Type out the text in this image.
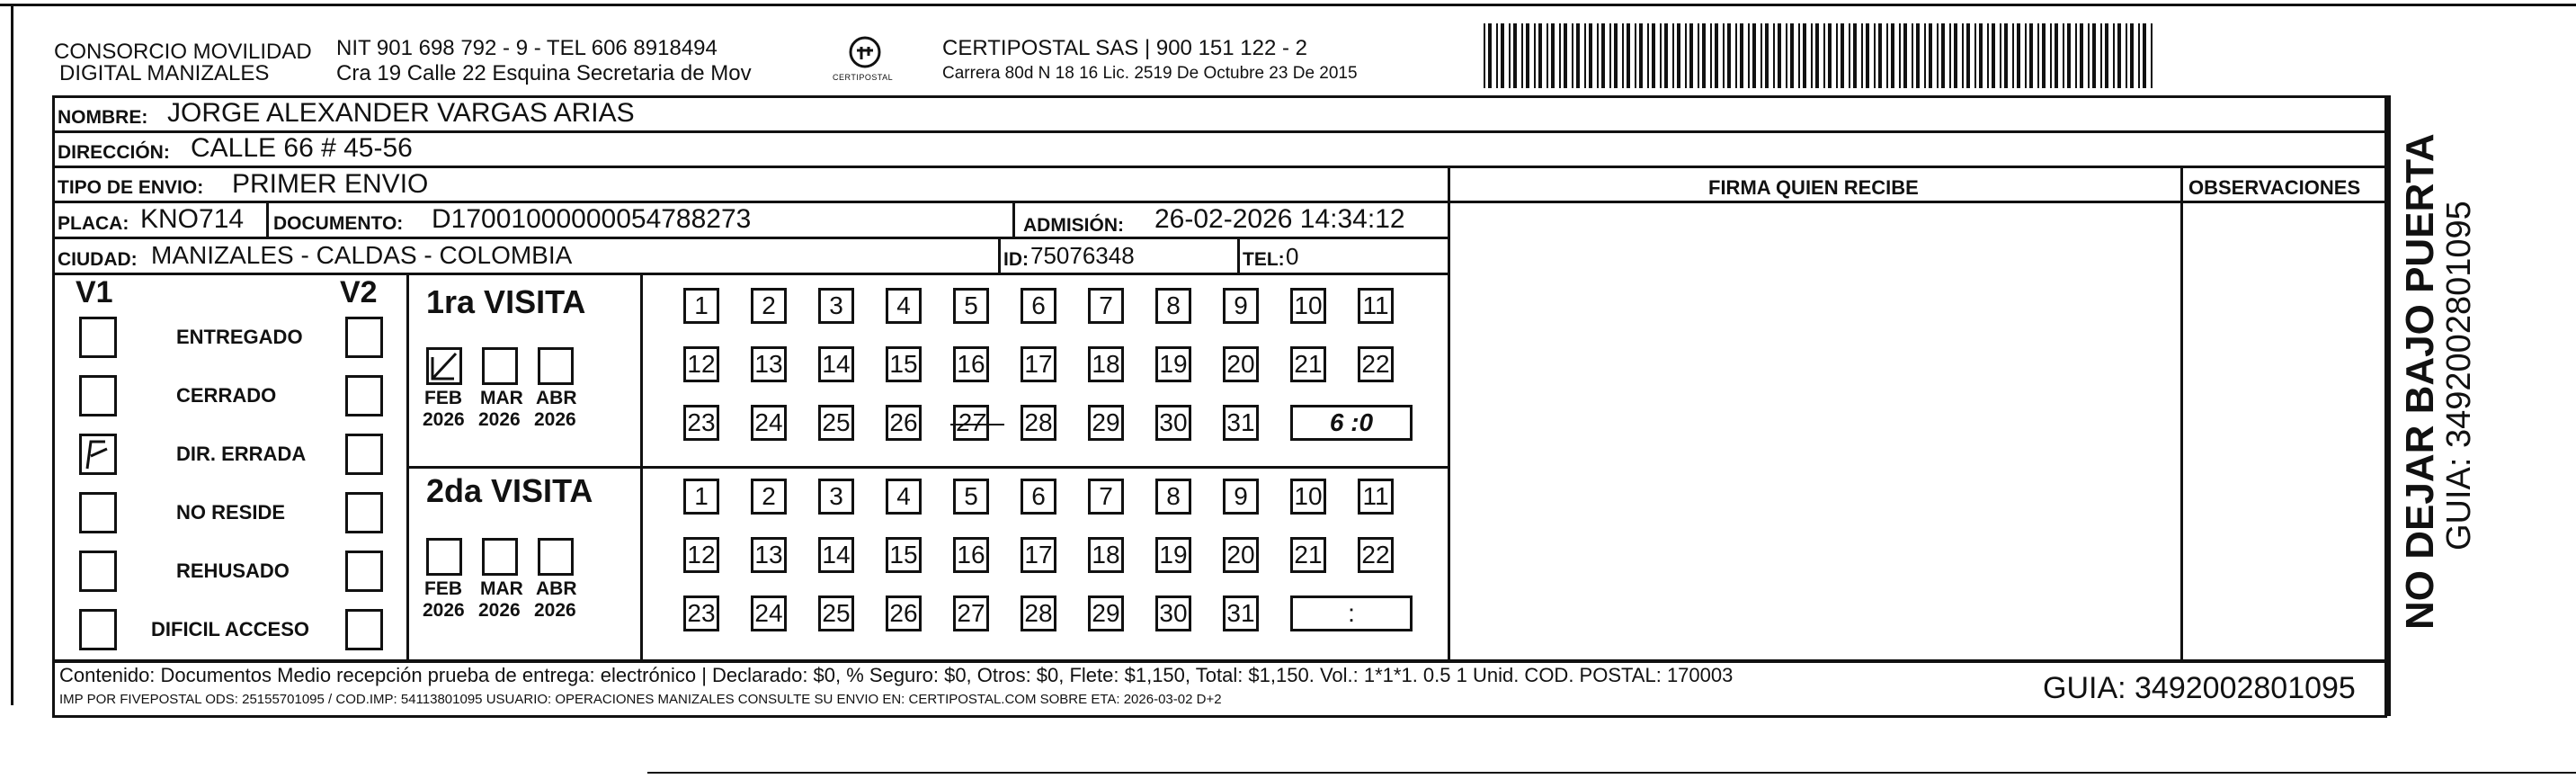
CONSORCIO MOVILIDAD
DIGITAL MANIZALES
NIT 901 698 792 - 9 - TEL 606 8918494
Cra 19 Calle 22 Esquina Secretaria de Mov	CERTIPOSTAL
CERTIPOSTAL SAS | 900 151 122 - 2
Carrera 80d N 18 16 Lic. 2519 De Octubre 23 De 2015
NOMBRE: JORGE ALEXANDER VARGAS ARIAS
DIRECCIÓN: CALLE 66 # 45-56
TIPO DE ENVIO: PRIMER ENVIO	FIRMA QUIEN RECIBE	OBSERVACIONES
PLACA: KNO714 DOCUMENTO: D17001000000054788273	ADMISIÓN: 26-02-2026 14:34:12
CIUDAD: MANIZALES - CALDAS - COLOMBIA	ID: 75076348	TEL: 0
V1	V2
ENTREGADO
CERRADO
DIR. ERRADA
NO RESIDE
REHUSADO
DIFICIL ACCESO
1ra VISITA
2da VISITA
FEB
2026
MAR
2026
ABR
2026
FEB
2026
MAR
2026
ABR
2026
1 2 3 4 5 6 7 8 9 10 11
12 13 14 15 16 17 18 19 20 21 22
23 24 25 26 27 28 29 30 31	6 :0
1 2 3 4 5 6 7 8 9 10 11
12 13 14 15 16 17 18 19 20 21 22
23 24 25 26 27 28 29 30 31	:	NO DEJAR BAJO PUERTA
GUIA: 3492002801095
Contenido: Documentos Medio recepción prueba de entrega: electrónico | Declarado: $0, % Seguro: $0, Otros: $0, Flete: $1,150, Total: $1,150. Vol.: 1*1*1. 0.5 1 Unid. COD. POSTAL: 170003
IMP POR FIVEPOSTAL ODS: 25155701095 / COD.IMP: 54113801095 USUARIO: OPERACIONES MANIZALES CONSULTE SU ENVIO EN: CERTIPOSTAL.COM SOBRE ETA: 2026-03-02 D+2	GUIA: 3492002801095
